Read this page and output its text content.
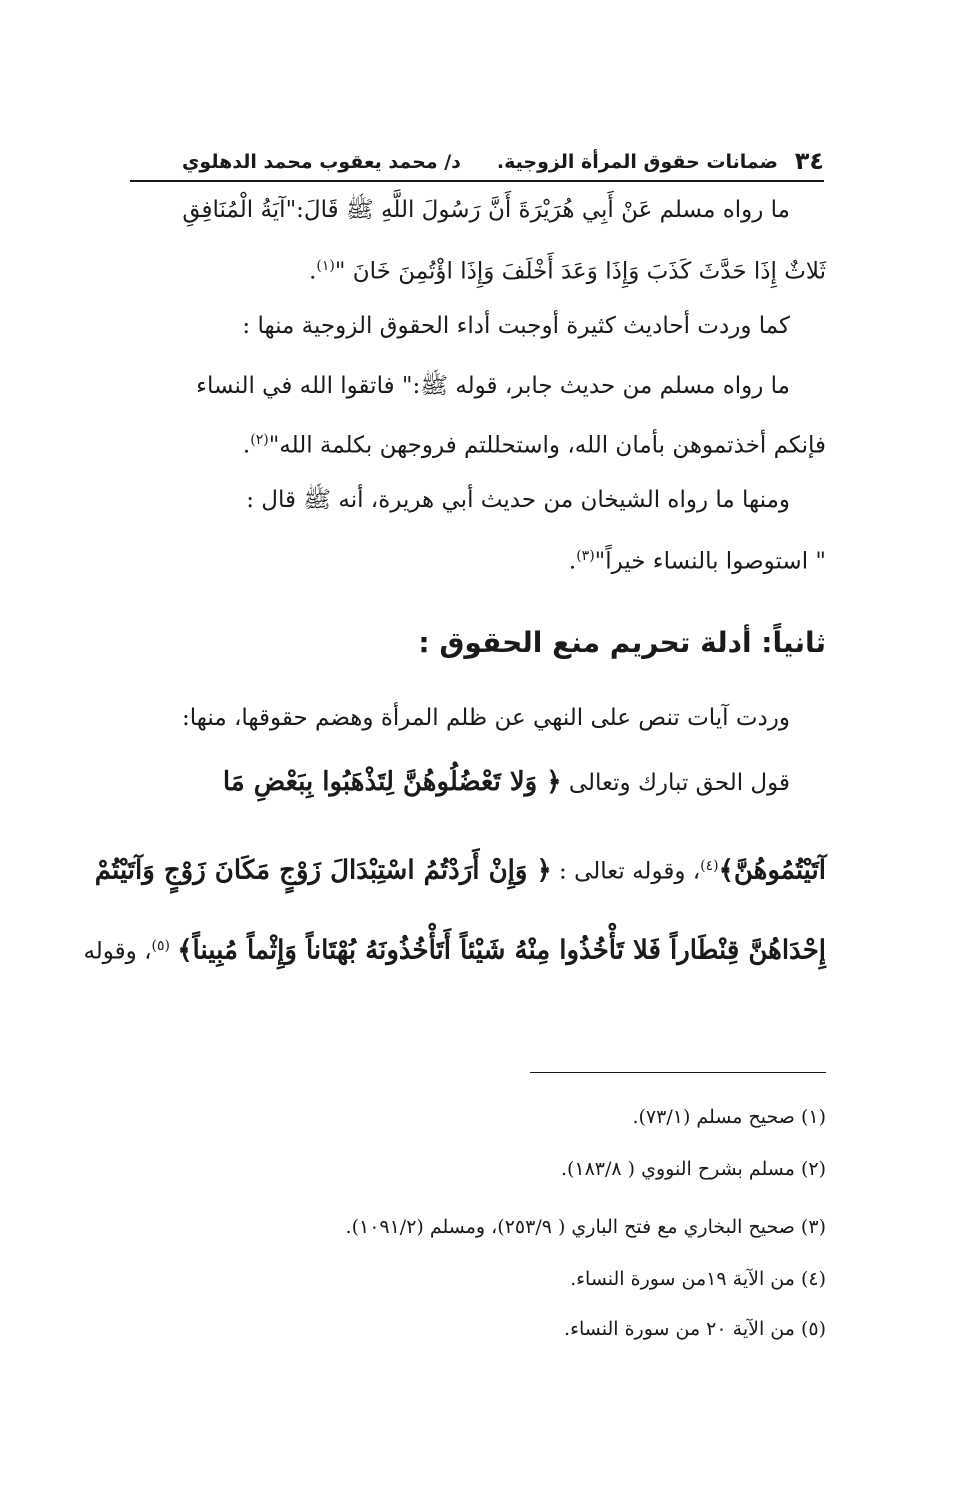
٣٤
ضمانات حقوق المرأة الزوجية.
د/ محمد يعقوب محمد الدهلوي
ما رواه مسلم عَنْ أَبِي هُرَيْرَةَ أَنَّ رَسُولَ اللَّهِ ﷺ قَالَ:"آيَةُ الْمُنَافِقِ
ثَلاثٌ إِذَا حَدَّثَ كَذَبَ وَإِذَا وَعَدَ أَخْلَفَ وَإِذَا اؤْتُمِنَ خَانَ "$^{(١)}$.
كما وردت أحاديث كثيرة أوجبت أداء الحقوق الزوجية منها :
ما رواه مسلم من حديث جابر، قوله ﷺ:" فاتقوا الله في النساء
فإنكم أخذتموهن بأمان الله، واستحللتم فروجهن بكلمة الله"$^{(٢)}$.
ومنها ما رواه الشيخان من حديث أبي هريرة، أنه ﷺ قال :
" استوصوا بالنساء خيراً"$^{(٣)}$.
ثانياً: أدلة تحريم منع الحقوق :
وردت آيات تنص على النهي عن ظلم المرأة وهضم حقوقها، منها:
قول الحق تبارك وتعالى ﴿ وَلا تَعْضُلُوهُنَّ لِتَذْهَبُوا بِبَعْضِ مَا
آتَيْتُمُوهُنَّ﴾$^{(٤)}$، وقوله تعالى : ﴿ وَإِنْ أَرَدْتُمُ اسْتِبْدَالَ زَوْجٍ مَكَانَ زَوْجٍ وَآتَيْتُمْ
إِحْدَاهُنَّ قِنْطَاراً فَلا تَأْخُذُوا مِنْهُ شَيْئاً أَتَأْخُذُونَهُ بُهْتَاناً وَإِثْماً مُبِيناً﴾ $^{(٥)}$، وقوله
(١) صحيح مسلم (٧٣/١).
(٢) مسلم بشرح النووي ( ١٨٣/٨).
(٣) صحيح البخاري مع فتح الباري ( ٢٥٣/٩)، ومسلم (١٠٩١/٢).
(٤) من الآية ١٩من سورة النساء.
(٥) من الآية ٢٠ من سورة النساء.
